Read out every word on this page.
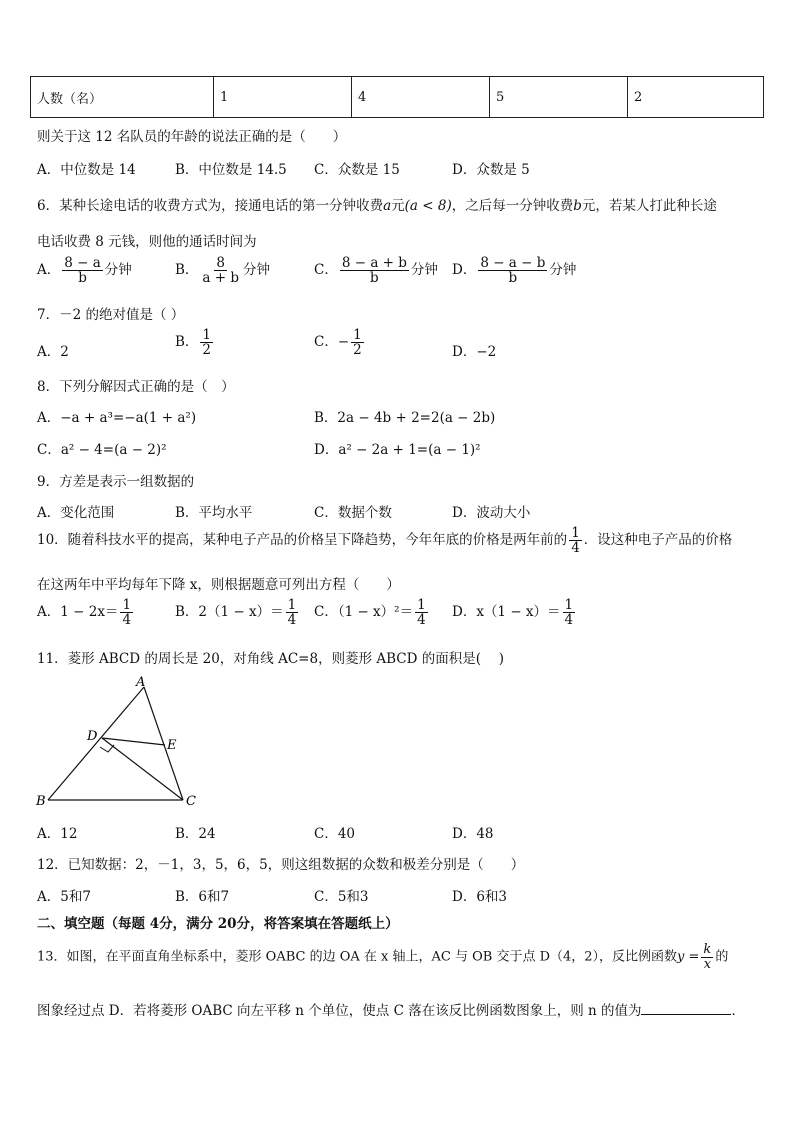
人数（名）	1	4	5	2
则关于这 12 名队员的年龄的说法正确的是（　　）
A．中位数是 14	B．中位数是 14.5 C．众数是 15	D．众数是 5
6．某种长途电话的收费方式为，接通电话的第一分钟收费a元(a < 8)，之后每一分钟收费b元，若某人打此种长途
电话收费 8 元钱，则他的通话时间为
A． $\frac{8 - a}{b}$ 分钟	B． $\frac{8}{a + b}$ 分钟	C． $\frac{8 - a + b}{b}$ 分钟 D． $\frac{8 - a - b}{b}$ 分钟
7．－2 的绝对值是（ ）
A．2
B． $\frac{1}{2}$	C．− $\frac{1}{2}$	D．−2
8．下列分解因式正确的是（　）
A．−a + a³=−a(1 + a²)	B．2a − 4b + 2=2(a − 2b)
C．a² − 4=(a − 2)²	D．a² − 2a + 1=(a − 1)²
9．方差是表示一组数据的
A．变化范围	B．平均水平	C．数据个数	D．波动大小
10．随着科技水平的提高，某种电子产品的价格呈下降趋势，今年年底的价格是两年前的 $\frac{1}{4}$ ．设这种电子产品的价格
在这两年中平均每年下降 x，则根据题意可列出方程（　　）
A．$1 - 2x= \frac{1}{4}$	B．$2(1 - x)= \frac{1}{4}$ C．$(1 - x)^2= \frac{1}{4}$ D．$x(1 - x)= \frac{1}{4}$
11．菱形 ABCD 的周长是 20，对角线 AC=8，则菱形 ABCD 的面积是(　 )
A
D
E
B	C
A．12	B．24	C．40	D．48
12．已知数据：2，－1，3，5，6，5，则这组数据的众数和极差分别是（　　）
A．5和7	B．6和7	C．5和3	D．6和3
二、填空题（每题 4分，满分 20分，将答案填在答题纸上）
13．如图，在平面直角坐标系中，菱形 OABC 的边 OA 在 x 轴上，AC 与 OB 交于点 D（4，2），反比例函数$y = \frac{k}{x}$ 的
图象经过点 D．若将菱形 OABC 向左平移 n 个单位，使点 C 落在该反比例函数图象上，则 n 的值为	．
